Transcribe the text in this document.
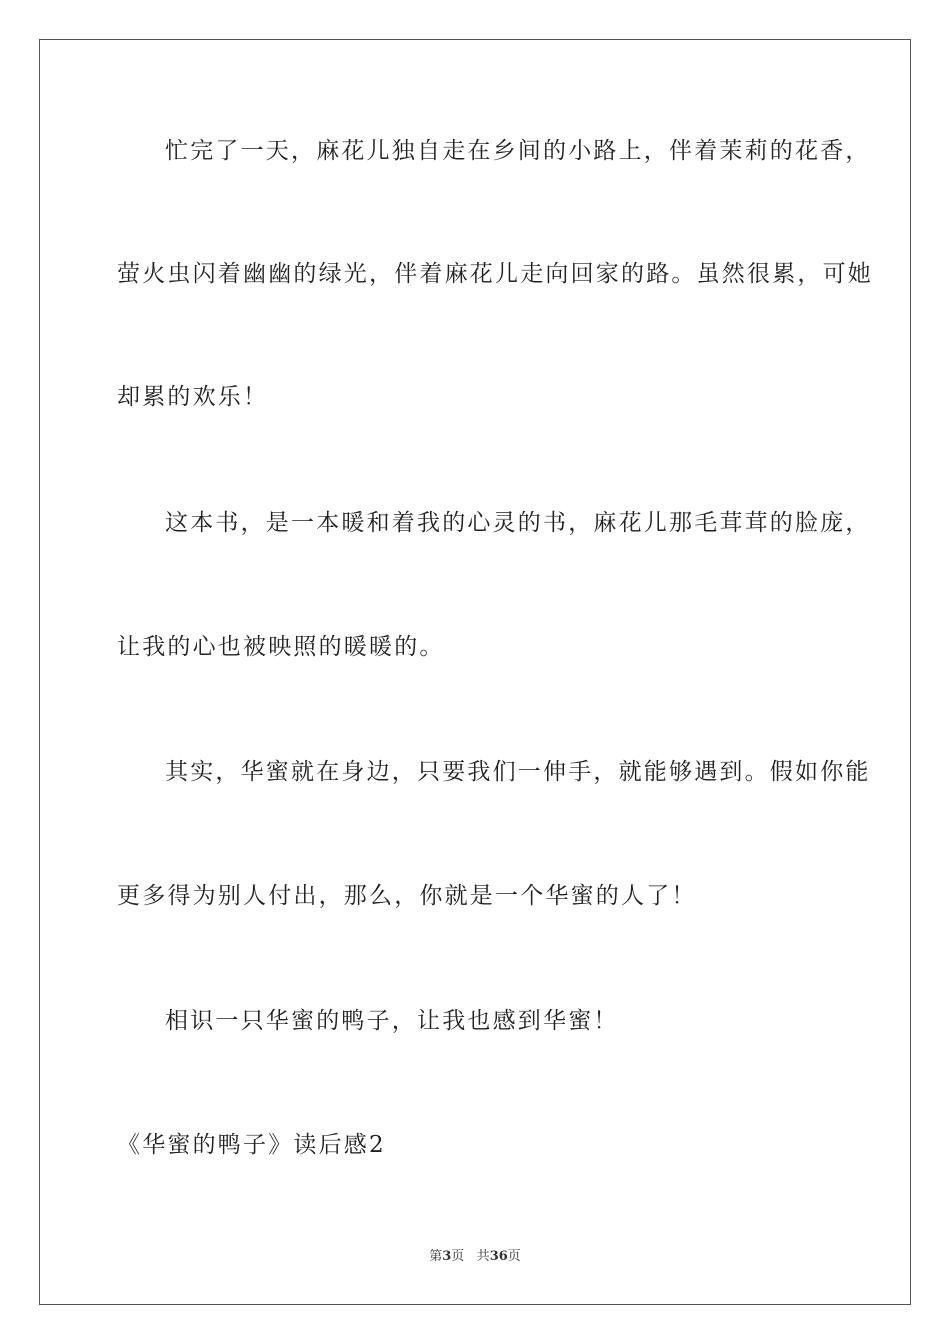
忙完了一天，麻花儿独自走在乡间的小路上，伴着茉莉的花香，
萤火虫闪着幽幽的绿光，伴着麻花儿走向回家的路。虽然很累，可她
却累的欢乐！
这本书，是一本暖和着我的心灵的书，麻花儿那毛茸茸的脸庞，
让我的心也被映照的暖暖的。
其实，华蜜就在身边，只要我们一伸手，就能够遇到。假如你能
更多得为别人付出，那么，你就是一个华蜜的人了！
相识一只华蜜的鸭子，让我也感到华蜜！
《华蜜的鸭子》读后感2
第3页 共36页
